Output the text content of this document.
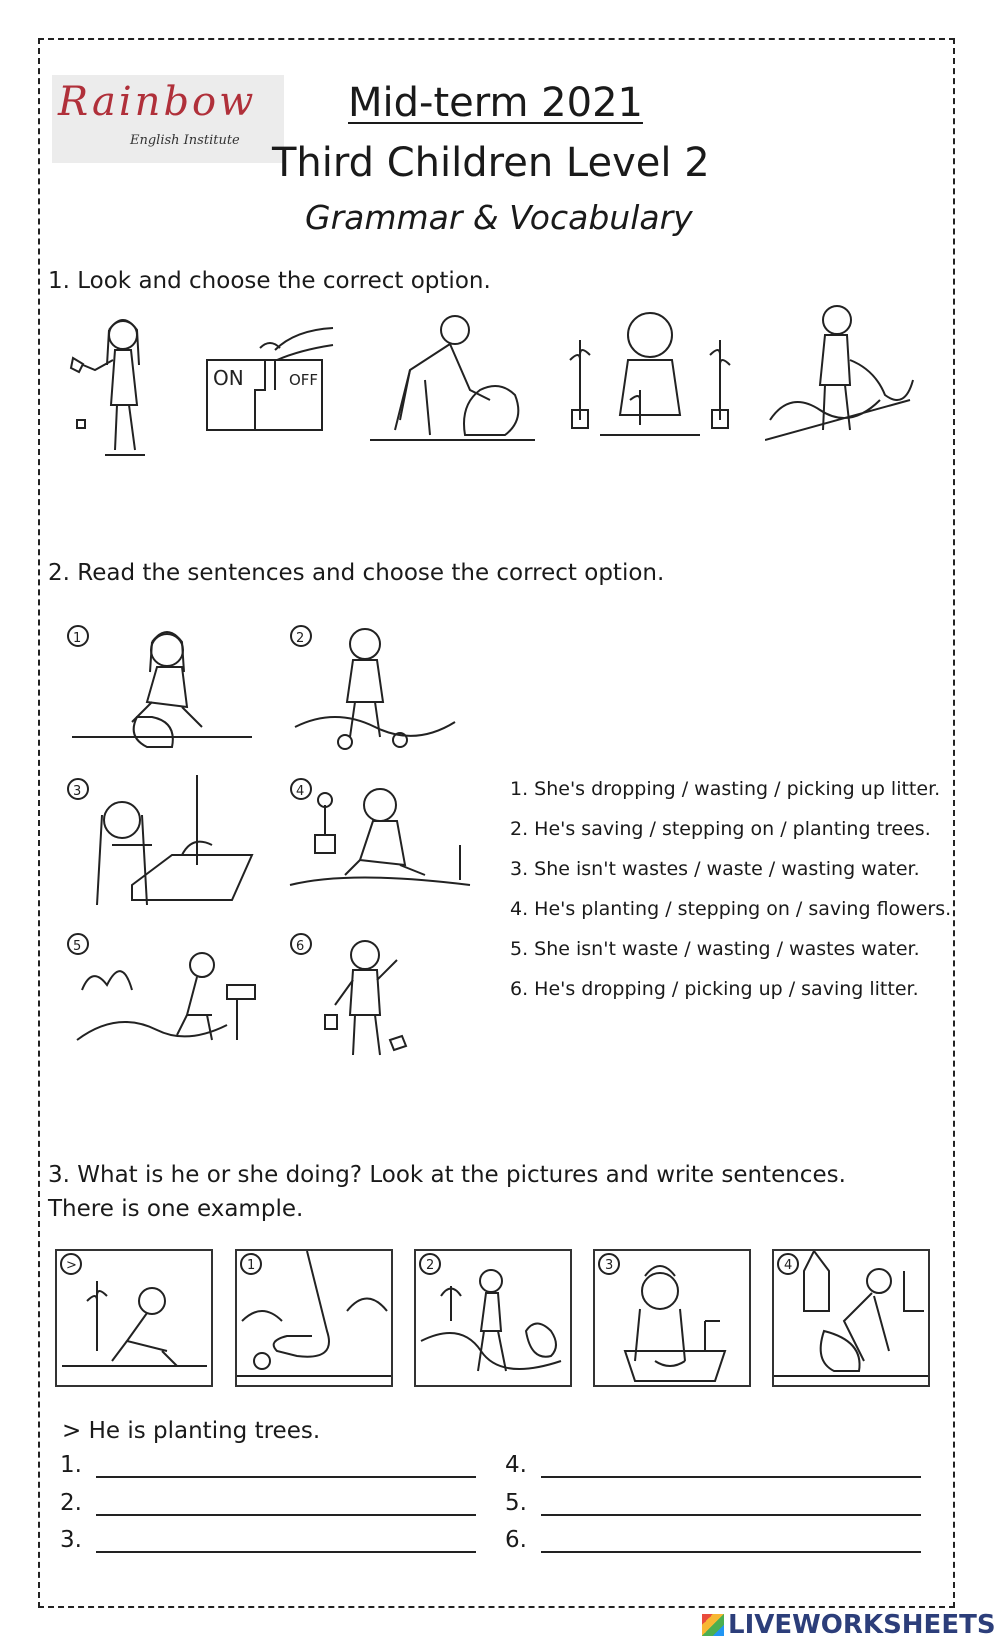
Rainbow
English Institute
Mid-term 2021
Third Children Level 2
Grammar & Vocabulary
1. Look and choose the correct option.
ON	OFF
2. Read the sentences and choose the correct option.
1	2
3	4
5	6
1. She's dropping / wasting / picking up litter.
2. He's saving / stepping on / planting trees.
3. She isn't wastes / waste / wasting water.
4. He's planting / stepping on / saving flowers.
5. She isn't waste / wasting / wastes water.
6. He's dropping / picking up / saving litter.
3. What is he or she doing? Look at the pictures and write sentences.
There is one example.
>	1	2	3	4
> He is planting trees.
1.
2.
3.
4.
5.
6.
LIVEWORKSHEETS
